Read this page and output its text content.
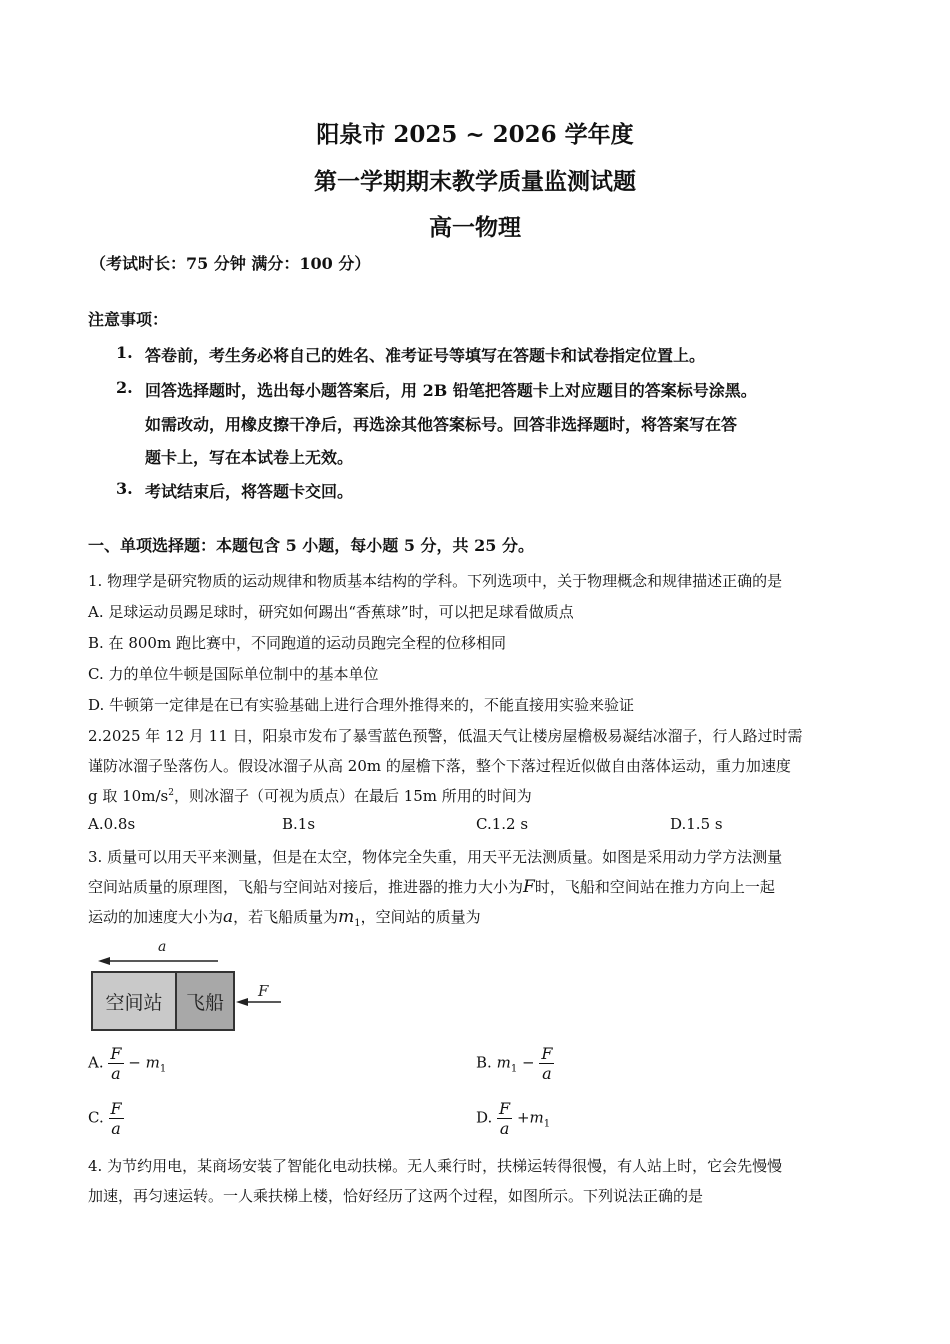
阳泉市 2025 ~ 2026 学年度
第一学期期末教学质量监测试题
高一物理
（考试时长：75 分钟 满分：100 分）
注意事项：
1. 答卷前，考生务必将自己的姓名、准考证号等填写在答题卡和试卷指定位置上。
2. 回答选择题时，选出每小题答案后，用 2B 铅笔把答题卡上对应题目的答案标号涂黑。
如需改动，用橡皮擦干净后，再选涂其他答案标号。回答非选择题时，将答案写在答
题卡上，写在本试卷上无效。
3. 考试结束后，将答题卡交回。
一、单项选择题：本题包含 5 小题，每小题 5 分，共 25 分。
1. 物理学是研究物质的运动规律和物质基本结构的学科。下列选项中，关于物理概念和规律描述正确的是
A. 足球运动员踢足球时，研究如何踢出“香蕉球”时，可以把足球看做质点
B. 在 800m 跑比赛中，不同跑道的运动员跑完全程的位移相同
C. 力的单位牛顿是国际单位制中的基本单位
D. 牛顿第一定律是在已有实验基础上进行合理外推得来的，不能直接用实验来验证
2.2025 年 12 月 11 日，阳泉市发布了暴雪蓝色预警，低温天气让楼房屋檐极易凝结冰溜子，行人路过时需
谨防冰溜子坠落伤人。假设冰溜子从高 20m 的屋檐下落，整个下落过程近似做自由落体运动，重力加速度
g 取 $10m/s^2$，则冰溜子（可视为质点）在最后 15m 所用的时间为
A.0.8s	B.1s	C.1.2 s	D.1.5 s
3. 质量可以用天平来测量，但是在太空，物体完全失重，用天平无法测质量。如图是采用动力学方法测量
空间站质量的原理图，飞船与空间站对接后，推进器的推力大小为F时，飞船和空间站在推力方向上一起
运动的加速度大小为a，若飞船质量为$m_1$，空间站的质量为
a
空间站 飞船
F
A. $\frac{F}{a} - m_1$	B. $m_1 - \frac{F}{a}$
C. $\frac{F}{a}$	D. $\frac{F}{a} +m_1$
4. 为节约用电，某商场安装了智能化电动扶梯。无人乘行时，扶梯运转得很慢，有人站上时，它会先慢慢
加速，再匀速运转。一人乘扶梯上楼，恰好经历了这两个过程，如图所示。下列说法正确的是
